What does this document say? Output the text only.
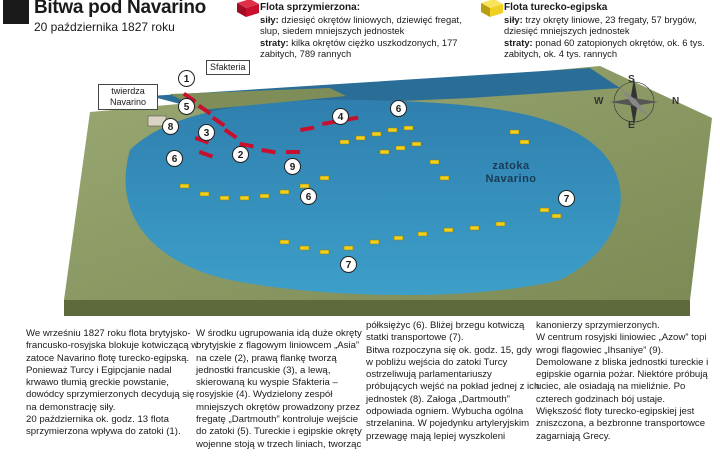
Bitwa pod Navarino
20 października 1827 roku
Flota sprzymierzona:
siły: dziesięć okrętów liniowych, dziewięć fregat, slup, siedem mniejszych jednostek
straty: kilka okrętów ciężko uszkodzonych, 177 zabitych, 789 rannych
Flota turecko-egipska
siły: trzy okręty liniowe, 23 fregaty, 57 brygów, dziesięć mniejszych jednostek
straty: ponad 60 zatopionych okrętów, ok. 6 tys. zabitych, ok. 4 tys. rannych
twierdza Navarino
Sfakteria
zatoka Navarino
W	N
S
E
1
5
3
8
6	2
4
6
9
6
7
7

We wrześniu 1827 roku flota brytyjsko-francusko-rosyjska blokuje kotwiczącą w zatoce Navarino flotę turecko-egipską. Ponieważ Turcy i Egipcjanie nadal krwawo tłumią greckie powstanie, dowódcy sprzymierzonych decydują się na demonstrację siły.

20 października ok. godz. 13 flota sprzymierzona wpływa do zatoki (1).

W środku ugrupowania idą duże okręty brytyjskie z flagowym liniowcem „Asia” na czele (2), prawą flankę tworzą jednostki francuskie (3), a lewą, skierowaną ku wyspie Sfakteria – rosyjskie (4). Wydzielony zespół mniejszych okrętów prowadzony przez fregatę „Dartmouth” kontroluje wejście do zatoki (5). Tureckie i egipskie okręty wojenne stoją w trzech liniach, tworząc

półksiężyc (6). Bliżej brzegu kotwiczą statki transportowe (7).

Bitwa rozpoczyna się ok. godz. 15, gdy w pobliżu wejścia do zatoki Turcy ostrzeliwują parlamentariuszy próbujących wejść na pokład jednej z ich jednostek (8). Załoga „Dartmouth” odpowiada ogniem. Wybucha ogólna strzelanina. W pojedynku artyleryjskim przewagę mają lepiej wyszkoleni

kanonierzy sprzymierzonych.

W centrum rosyjski liniowiec „Azow” topi wrogi flagowiec „Ihsaniye” (9). Demolowane z bliska jednostki tureckie i egipskie ogarnia pożar. Niektóre próbują uciec, ale osiadają na mieliźnie. Po czterech godzinach bój ustaje. Większość floty turecko-egipskiej jest zniszczona, a bezbronne transportowce zagarniają Grecy.
